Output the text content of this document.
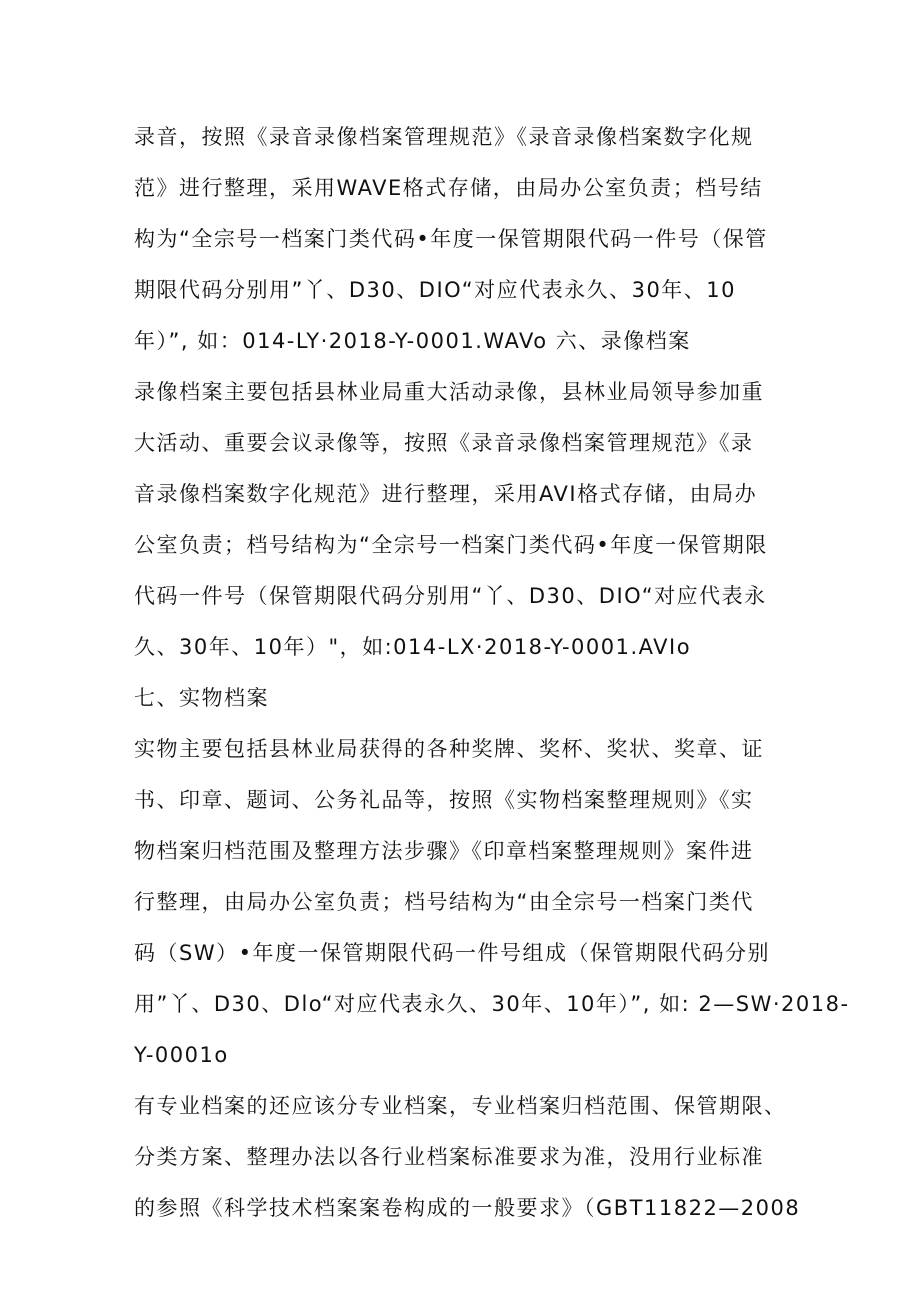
录音，按照《录音录像档案管理规范》《录音录像档案数字化规
范》进行整理，采用WAVE格式存储，由局办公室负责；档号结
构为“全宗号一档案门类代码•年度一保管期限代码一件号（保管
期限代码分别用”丫、D30、DIO“对应代表永久、30年、10
年）”, 如：014-LY·2018-Y-0001.WAVo 六、录像档案
录像档案主要包括县林业局重大活动录像，县林业局领导参加重
大活动、重要会议录像等，按照《录音录像档案管理规范》《录
音录像档案数字化规范》进行整理，采用AVI格式存储，由局办
公室负责；档号结构为“全宗号一档案门类代码•年度一保管期限
代码一件号（保管期限代码分别用“丫、D30、DIO“对应代表永
久、30年、10年）"，如:014-LX·2018-Y-0001.AVIo
七、实物档案
实物主要包括县林业局获得的各种奖牌、奖杯、奖状、奖章、证
书、印章、题词、公务礼品等，按照《实物档案整理规则》《实
物档案归档范围及整理方法步骤》《印章档案整理规则》案件进
行整理，由局办公室负责；档号结构为“由全宗号一档案门类代
码（SW）•年度一保管期限代码一件号组成（保管期限代码分别
用”丫、D30、Dlo“对应代表永久、30年、10年）”, 如: 2—SW·2018-
Y-0001o
有专业档案的还应该分专业档案，专业档案归档范围、保管期限、
分类方案、整理办法以各行业档案标准要求为准，没用行业标准
的参照《科学技术档案案卷构成的一般要求》（GBT11822—2008
